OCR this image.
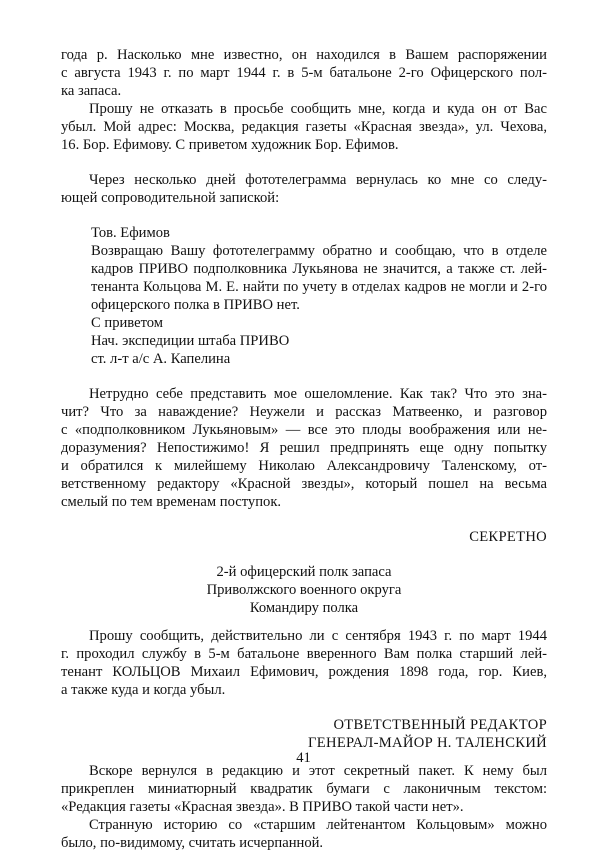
года р. Насколько мне известно, он находился в Вашем распоряжении
с августа 1943 г. по март 1944 г. в 5-м батальоне 2-го Офицерского пол-
ка запаса.
Прошу не отказать в просьбе сообщить мне, когда и куда он от Вас
убыл. Мой адрес: Москва, редакция газеты «Красная звезда», ул. Чехова,
16. Бор. Ефимову. С приветом художник Бор. Ефимов.
Через несколько дней фототелеграмма вернулась ко мне со следу-
ющей сопроводительной запиской:
Тов. Ефимов
Возвращаю Вашу фототелеграмму обратно и сообщаю, что в отделе
кадров ПРИВО подполковника Лукьянова не значится, а также ст. лей-
тенанта Кольцова М. Е. найти по учету в отделах кадров не могли и 2-го
офицерского полка в ПРИВО нет.
С приветом
Нач. экспедиции штаба ПРИВО
ст. л-т а/с А. Капелина
Нетрудно себе представить мое ошеломление. Как так? Что это зна-
чит? Что за наваждение? Неужели и рассказ Матвеенко, и разговор
с «подполковником Лукьяновым» — все это плоды воображения или не-
доразумения? Непостижимо! Я решил предпринять еще одну попытку
и обратился к милейшему Николаю Александровичу Таленскому, от-
ветственному редактору «Красной звезды», который пошел на весьма
смелый по тем временам поступок.
СЕКРЕТНО
2-й офицерский полк запаса
Приволжского военного округа
Командиру полка
Прошу сообщить, действительно ли с сентября 1943 г. по март 1944
г. проходил службу в 5-м батальоне вверенного Вам полка старший лей-
тенант КОЛЬЦОВ Михаил Ефимович, рождения 1898 года, гор. Киев,
а также куда и когда убыл.
ОТВЕТСТВЕННЫЙ РЕДАКТОР
ГЕНЕРАЛ-МАЙОР Н. ТАЛЕНСКИЙ
Вскоре вернулся в редакцию и этот секретный пакет. К нему был
прикреплен миниатюрный квадратик бумаги с лаконичным текстом:
«Редакция газеты «Красная звезда». В ПРИВО такой части нет».
Странную историю со «старшим лейтенантом Кольцовым» можно
было, по-видимому, считать исчерпанной.
41
